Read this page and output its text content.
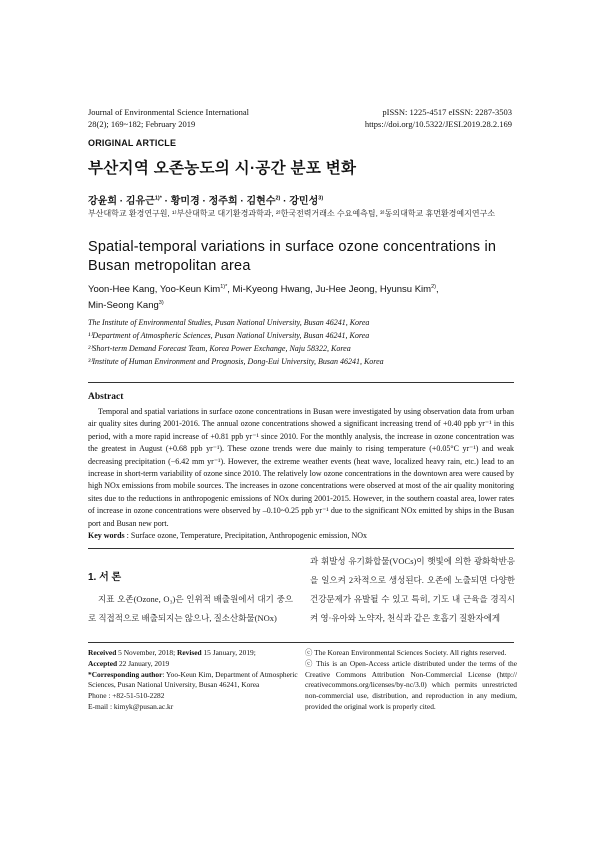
Journal of Environmental Science International
28(2); 169~182; February 2019
pISSN: 1225-4517 eISSN: 2287-3503
https://doi.org/10.5322/JESI.2019.28.2.169
ORIGINAL ARTICLE
부산지역 오존농도의 시·공간 분포 변화
강윤희 · 김유근$^{1)*}$ · 황미경 · 정주희 · 김현수$^{2)}$ · 강민성$^{3)}$
부산대학교 환경연구원, ¹⁾부산대학교 대기환경과학과, ²⁾한국전력거래소 수요예측팀, ³⁾동의대학교 휴먼환경예지연구소
Spatial-temporal variations in surface ozone concentrations in Busan metropolitan area
Yoon-Hee Kang, Yoo-Keun Kim$^{1)*}$, Mi-Kyeong Hwang, Ju-Hee Jeong, Hyunsu Kim$^{2)}$,
Min-Seong Kang$^{3)}$
The Institute of Environmental Studies, Pusan National University, Busan 46241, Korea
¹⁾Department of Atmospheric Sciences, Pusan National University, Busan 46241, Korea
²⁾Short-term Demand Forecast Team, Korea Power Exchange, Naju 58322, Korea
³⁾Institute of Human Environment and Prognosis, Dong-Eui University, Busan 46241, Korea
Abstract
Temporal and spatial variations in surface ozone concentrations in Busan were investigated by using observation data from urban air quality sites during 2001-2016. The annual ozone concentrations showed a significant increasing trend of +0.40 ppb yr⁻¹ in this period, with a more rapid increase of +0.81 ppb yr⁻¹ since 2010. For the monthly analysis, the increase in ozone concentration was the greatest in August (+0.68 ppb yr⁻¹). These ozone trends were due mainly to rising temperature (+0.05°C yr⁻¹) and weak decreasing precipitation (−6.42 mm yr⁻¹). However, the extreme weather events (heat wave, localized heavy rain, etc.) lead to an increase in short-term variability of ozone since 2010. The relatively low ozone concentrations in the downtown area were caused by high NOx emissions from mobile sources. The increases in ozone concentrations were observed at most of the air quality monitoring sites due to the reductions in anthropogenic emissions of NOx during 2001-2015. However, in the southern coastal area, lower rates of increase in ozone concentrations were observed by –0.10~0.25 ppb yr⁻¹ due to the significant NOx emitted by ships in the Busan port and Busan new port.
Key words : Surface ozone, Temperature, Precipitation, Anthropogenic emission, NOx
1. 서 론
지표 오존(Ozone, O₃)은 인위적 배출원에서 대기 중으로 직접적으로 배출되지는 않으나, 질소산화물(NOx)
과 휘발성 유기화합물(VOCs)이 햇빛에 의한 광화학반응을 일으켜 2차적으로 생성된다. 오존에 노출되면 다양한 건강문제가 유발될 수 있고 특히, 기도 내 근육을 경직시켜 영·유아와 노약자, 천식과 같은 호흡기 질환자에게
Received 5 November, 2018; Revised 15 January, 2019;
Accepted 22 January, 2019
*Corresponding author: Yoo-Keun Kim, Department of Atmospheric Sciences, Pusan National University, Busan 46241, Korea
Phone : +82-51-510-2282
E-mail : kimyk@pusan.ac.kr
ⓒ The Korean Environmental Sciences Society. All rights reserved.
ⓒ This is an Open-Access article distributed under the terms of the Creative Commons Attribution Non-Commercial License (http:// creativecommons.org/licenses/by-nc/3.0) which permits unrestricted non-commercial use, distribution, and reproduction in any medium, provided the original work is properly cited.
